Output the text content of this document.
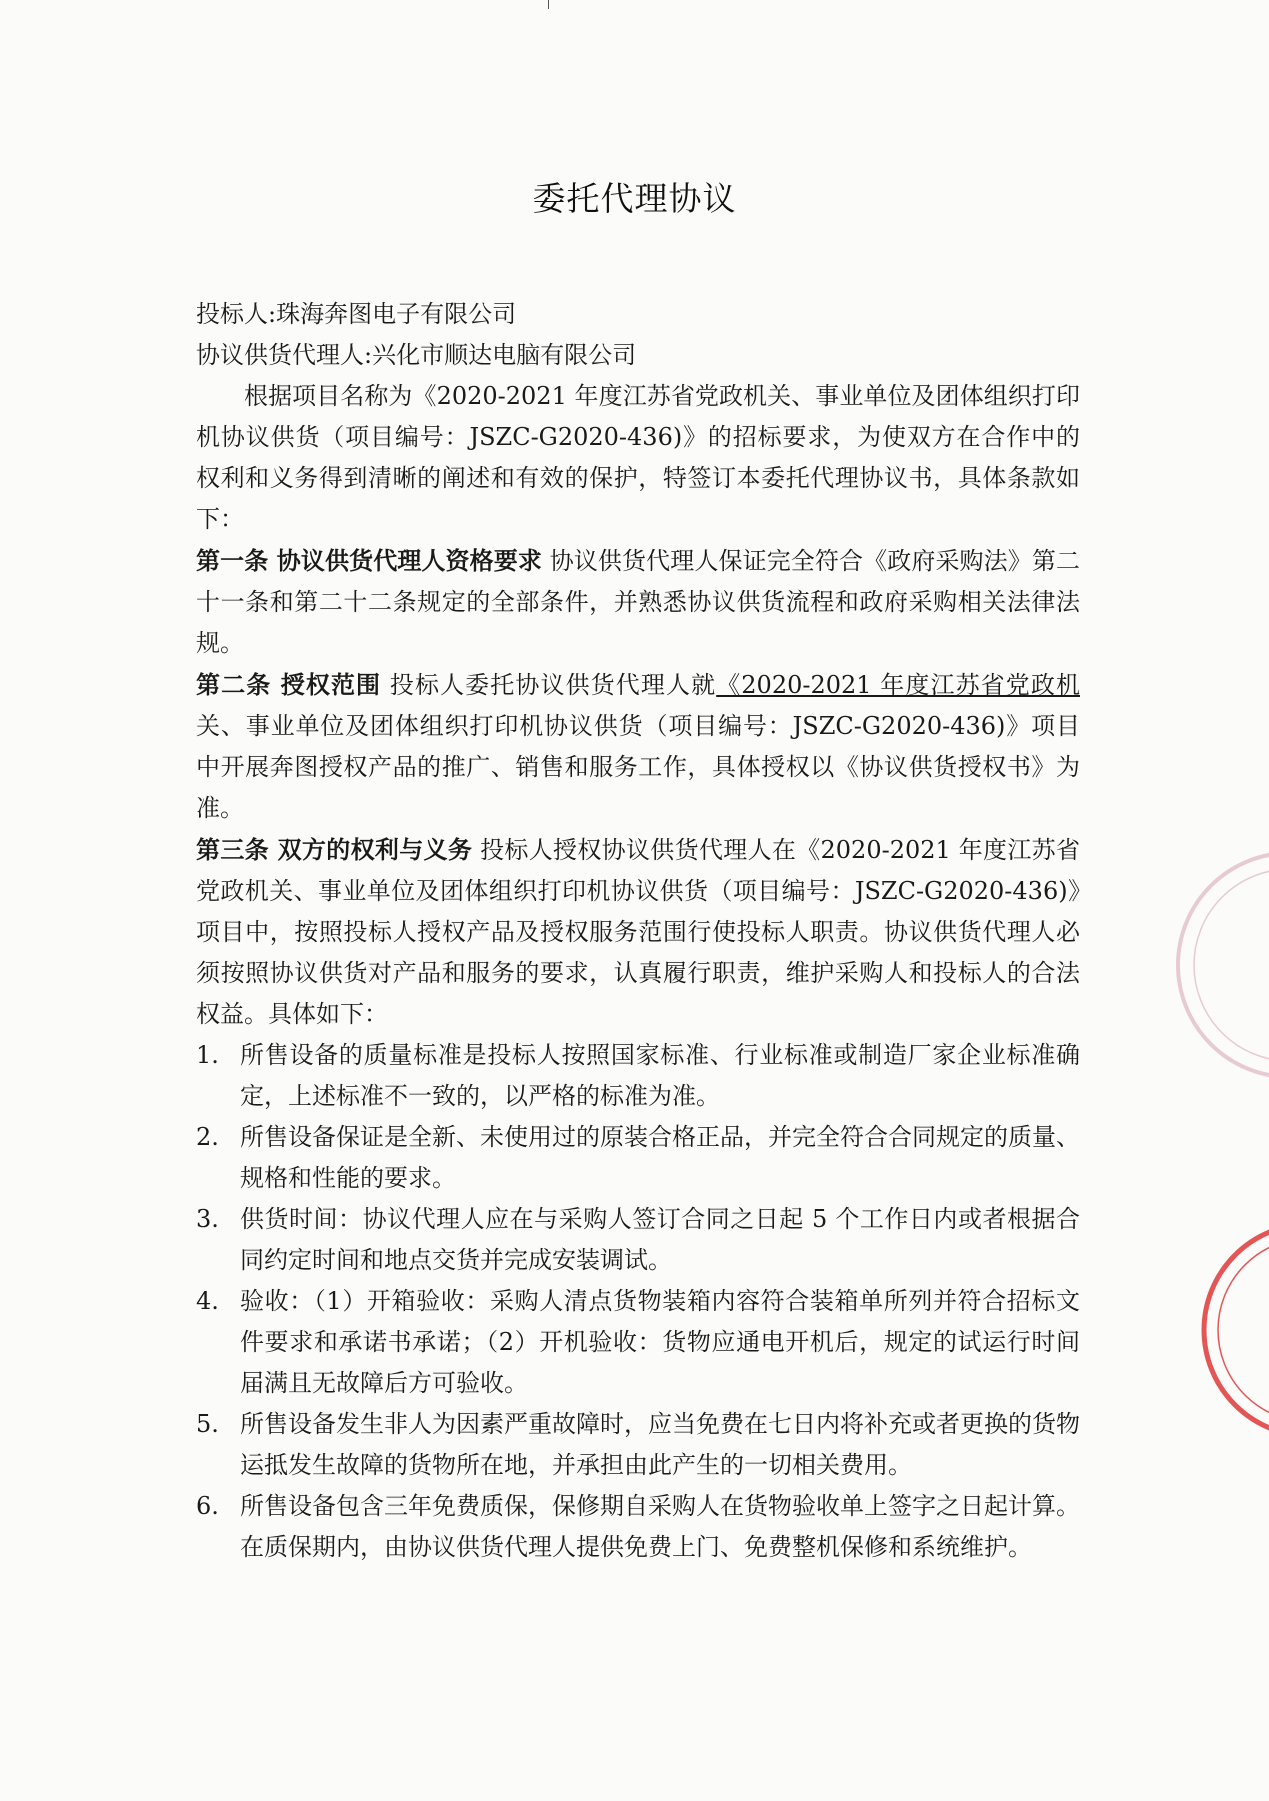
委托代理协议

投标人:珠海奔图电子有限公司

协议供货代理人:兴化市顺达电脑有限公司

根据项目名称为《2020-2021 年度江苏省党政机关、事业单位及团体组织打印机协议供货（项目编号：JSZC-G2020-436)》的招标要求，为使双方在合作中的权利和义务得到清晰的阐述和有效的保护，特签订本委托代理协议书，具体条款如下：

第一条 协议供货代理人资格要求 协议供货代理人保证完全符合《政府采购法》第二十一条和第二十二条规定的全部条件，并熟悉协议供货流程和政府采购相关法律法规。

第二条 授权范围 投标人委托协议供货代理人就《2020-2021 年度江苏省党政机关、事业单位及团体组织打印机协议供货（项目编号：JSZC-G2020-436)》项目中开展奔图授权产品的推广、销售和服务工作，具体授权以《协议供货授权书》为准。

第三条 双方的权利与义务 投标人授权协议供货代理人在《2020-2021 年度江苏省党政机关、事业单位及团体组织打印机协议供货（项目编号：JSZC-G2020-436)》项目中，按照投标人授权产品及授权服务范围行使投标人职责。协议供货代理人必须按照协议供货对产品和服务的要求，认真履行职责，维护采购人和投标人的合法权益。具体如下：

1. 所售设备的质量标准是投标人按照国家标准、行业标准或制造厂家企业标准确定，上述标准不一致的，以严格的标准为准。
2. 所售设备保证是全新、未使用过的原装合格正品，并完全符合合同规定的质量、规格和性能的要求。
3. 供货时间：协议代理人应在与采购人签订合同之日起 5 个工作日内或者根据合同约定时间和地点交货并完成安装调试。
4. 验收：（1）开箱验收：采购人清点货物装箱内容符合装箱单所列并符合招标文件要求和承诺书承诺；（2）开机验收：货物应通电开机后，规定的试运行时间届满且无故障后方可验收。
5. 所售设备发生非人为因素严重故障时，应当免费在七日内将补充或者更换的货物运抵发生故障的货物所在地，并承担由此产生的一切相关费用。
6. 所售设备包含三年免费质保，保修期自采购人在货物验收单上签字之日起计算。在质保期内，由协议供货代理人提供免费上门、免费整机保修和系统维护。
